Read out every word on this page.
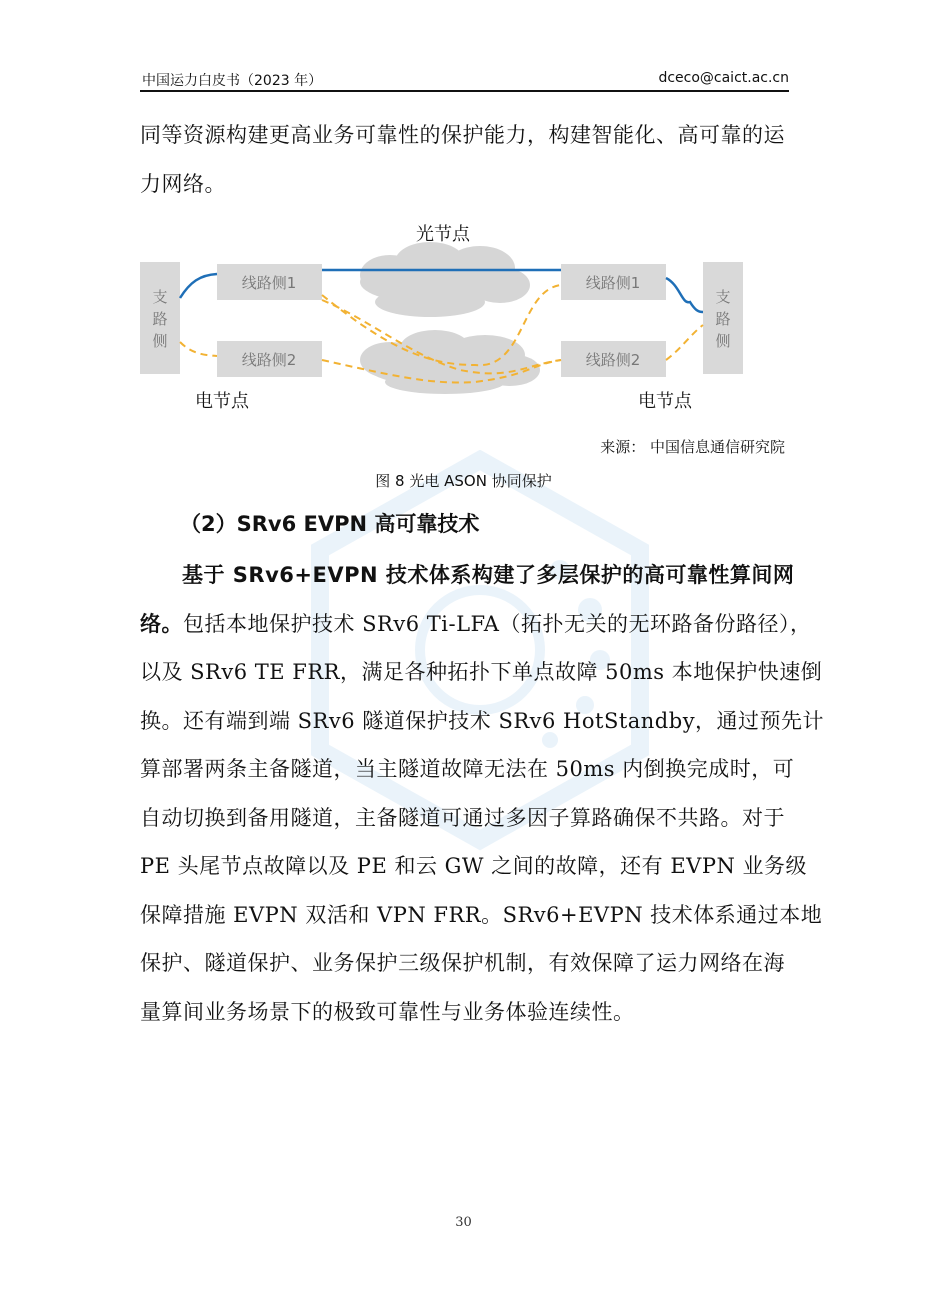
中国运力白皮书（2023 年）	dceco@caict.ac.cn
同等资源构建更高业务可靠性的保护能力，构建智能化、高可靠的运
力网络。
光节点
线路侧1
线路侧2
线路侧1
线路侧2
支
路
侧
支
路
侧
电节点	电节点
来源： 中国信息通信研究院
图 8 光电 ASON 协同保护
（2）SRv6 EVPN 高可靠技术
基于 SRv6+EVPN 技术体系构建了多层保护的高可靠性算间网
络。包括本地保护技术 SRv6 Ti-LFA（拓扑无关的无环路备份路径），
以及 SRv6 TE FRR，满足各种拓扑下单点故障 50ms 本地保护快速倒
换。还有端到端 SRv6 隧道保护技术 SRv6 HotStandby，通过预先计
算部署两条主备隧道，当主隧道故障无法在 50ms 内倒换完成时，可
自动切换到备用隧道，主备隧道可通过多因子算路确保不共路。对于
PE 头尾节点故障以及 PE 和云 GW 之间的故障，还有 EVPN 业务级
保障措施 EVPN 双活和 VPN FRR。SRv6+EVPN 技术体系通过本地
保护、隧道保护、业务保护三级保护机制，有效保障了运力网络在海
量算间业务场景下的极致可靠性与业务体验连续性。
30
